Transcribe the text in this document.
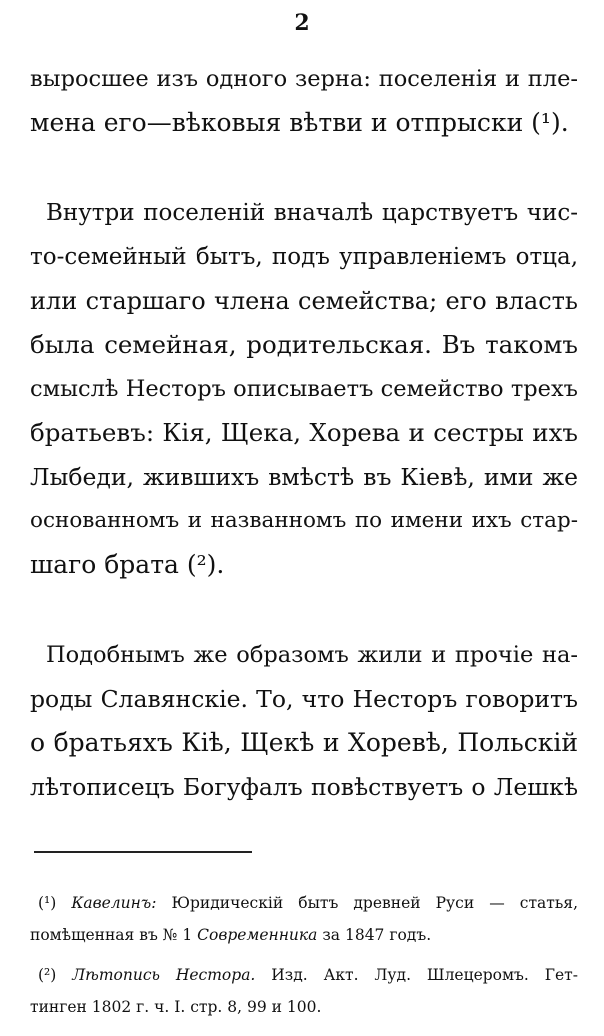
2
выросшее изъ одного зерна: поселенія и пле-
мена его—вѣковыя вѣтви и отпрыски (¹).
Внутри поселеній вначалѣ царствуетъ чис-
то-семейный бытъ, подъ управленіемъ отца,
или старшаго члена семейства; его власть
была семейная, родительская. Въ такомъ
смыслѣ Несторъ описываетъ семейство трехъ
братьевъ: Кія, Щека, Хорева и сестры ихъ
Лыбеди, жившихъ вмѣстѣ въ Кіевѣ, ими же
основанномъ и названномъ по имени ихъ стар-
шаго брата (²).
Подобнымъ же образомъ жили и прочіе на-
роды Славянскіе. То, что Несторъ говоритъ
о братьяхъ Кіѣ, Щекѣ и Хоревѣ, Польскій
лѣтописецъ Богуфалъ повѣствуетъ о Лешкѣ
(¹) Кавелинъ: Юридическій бытъ древней Руси — статья,
помѣщенная въ № 1 Современника за 1847 годъ.
(²) Лѣтопись Нестора. Изд. Акт. Луд. Шлецеромъ. Гет-
тинген 1802 г. ч. I. стр. 8, 99 и 100.
